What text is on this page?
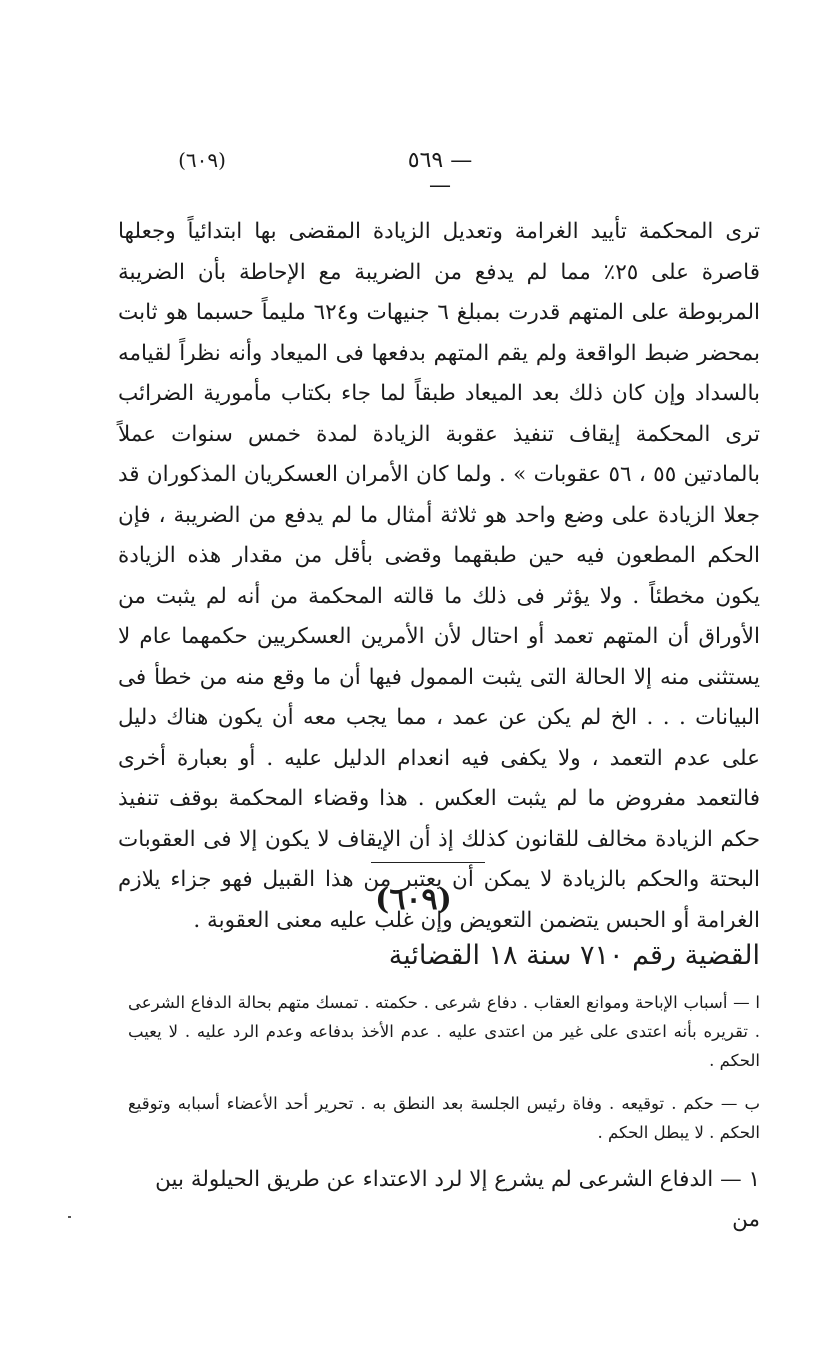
— ٥٦٩ —
(٦٠٩)

ترى المحكمة تأييد الغرامة وتعديل الزيادة المقضى بها ابتدائياً وجعلها قاصرة على ٢٥٪ مما لم يدفع من الضريبة مع الإحاطة بأن الضريبة المربوطة على المتهم قدرت بمبلغ ٦ جنيهات و٦٢٤ مليماً حسبما هو ثابت بمحضر ضبط الواقعة ولم يقم المتهم بدفعها فى الميعاد وأنه نظراً لقيامه بالسداد وإن كان ذلك بعد الميعاد طبقاً لما جاء بكتاب مأمورية الضرائب ترى المحكمة إيقاف تنفيذ عقوبة الزيادة لمدة خمس سنوات عملاً بالمادتين ٥٥ ، ٥٦ عقوبات » . ولما كان الأمران العسكريان المذكوران قد جعلا الزيادة على وضع واحد هو ثلاثة أمثال ما لم يدفع من الضريبة ، فإن الحكم المطعون فيه حين طبقهما وقضى بأقل من مقدار هذه الزيادة يكون مخطئاً . ولا يؤثر فى ذلك ما قالته المحكمة من أنه لم يثبت من الأوراق أن المتهم تعمد أو احتال لأن الأمرين العسكريين حكمهما عام لا يستثنى منه إلا الحالة التى يثبت الممول فيها أن ما وقع منه من خطأ فى البيانات . . . الخ لم يكن عن عمد ، مما يجب معه أن يكون هناك دليل على عدم التعمد ، ولا يكفى فيه انعدام الدليل عليه . أو بعبارة أخرى فالتعمد مفروض ما لم يثبت العكس . هذا وقضاء المحكمة بوقف تنفيذ حكم الزيادة مخالف للقانون كذلك إذ أن الإيقاف لا يكون إلا فى العقوبات البحتة والحكم بالزيادة لا يمكن أن يعتبر من هذا القبيل فهو جزاء يلازم الغرامة أو الحبس يتضمن التعويض وإن غلب عليه معنى العقوبة .

(٦٠٩)
القضية رقم ٧١٠ سنة ١٨ القضائية

ا — أسباب الإباحة وموانع العقاب . دفاع شرعى . حكمته . تمسك متهم بحالة الدفاع الشرعى . تقريره بأنه اعتدى على غير من اعتدى عليه . عدم الأخذ بدفاعه وعدم الرد عليه . لا يعيب الحكم .

ب — حكم . توقيعه . وفاة رئيس الجلسة بعد النطق به . تحرير أحد الأعضاء أسبابه وتوقيع الحكم . لا يبطل الحكم .

١ — الدفاع الشرعى لم يشرع إلا لرد الاعتداء عن طريق الحيلولة بين من
